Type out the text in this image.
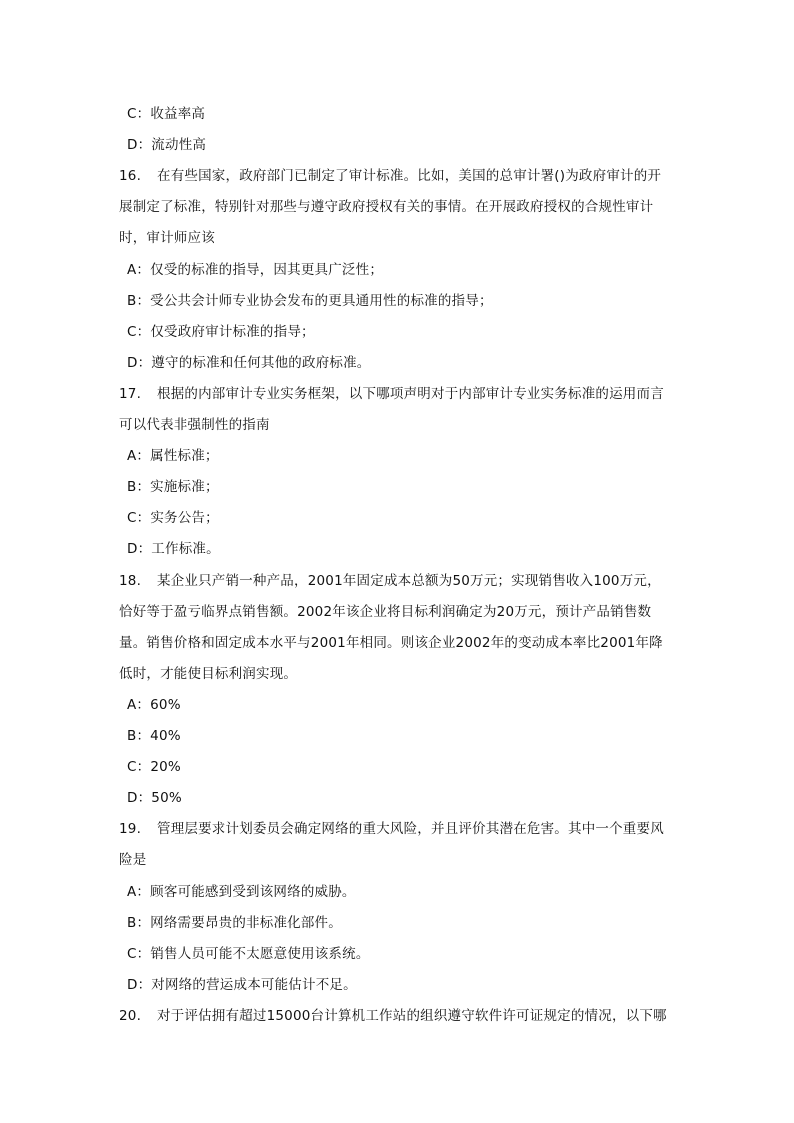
C：收益率高
D：流动性高
16. 在有些国家，政府部门已制定了审计标准。比如，美国的总审计署()为政府审计的开
展制定了标准，特别针对那些与遵守政府授权有关的事情。在开展政府授权的合规性审计
时，审计师应该
A：仅受的标准的指导，因其更具广泛性；
B：受公共会计师专业协会发布的更具通用性的标准的指导；
C：仅受政府审计标准的指导；
D：遵守的标准和任何其他的政府标准。
17. 根据的内部审计专业实务框架，以下哪项声明对于内部审计专业实务标准的运用而言
可以代表非强制性的指南
A：属性标准；
B：实施标准；
C：实务公告；
D：工作标准。
18. 某企业只产销一种产品，2001年固定成本总额为50万元；实现销售收入100万元，
恰好等于盈亏临界点销售额。2002年该企业将目标利润确定为20万元，预计产品销售数
量。销售价格和固定成本水平与2001年相同。则该企业2002年的变动成本率比2001年降
低时，才能使目标利润实现。
A：60%
B：40%
C：20%
D：50%
19. 管理层要求计划委员会确定网络的重大风险，并且评价其潜在危害。其中一个重要风
险是
A：顾客可能感到受到该网络的威胁。
B：网络需要昂贵的非标准化部件。
C：销售人员可能不太愿意使用该系统。
D：对网络的营运成本可能估计不足。
20. 对于评估拥有超过15000台计算机工作站的组织遵守软件许可证规定的情况，以下哪
